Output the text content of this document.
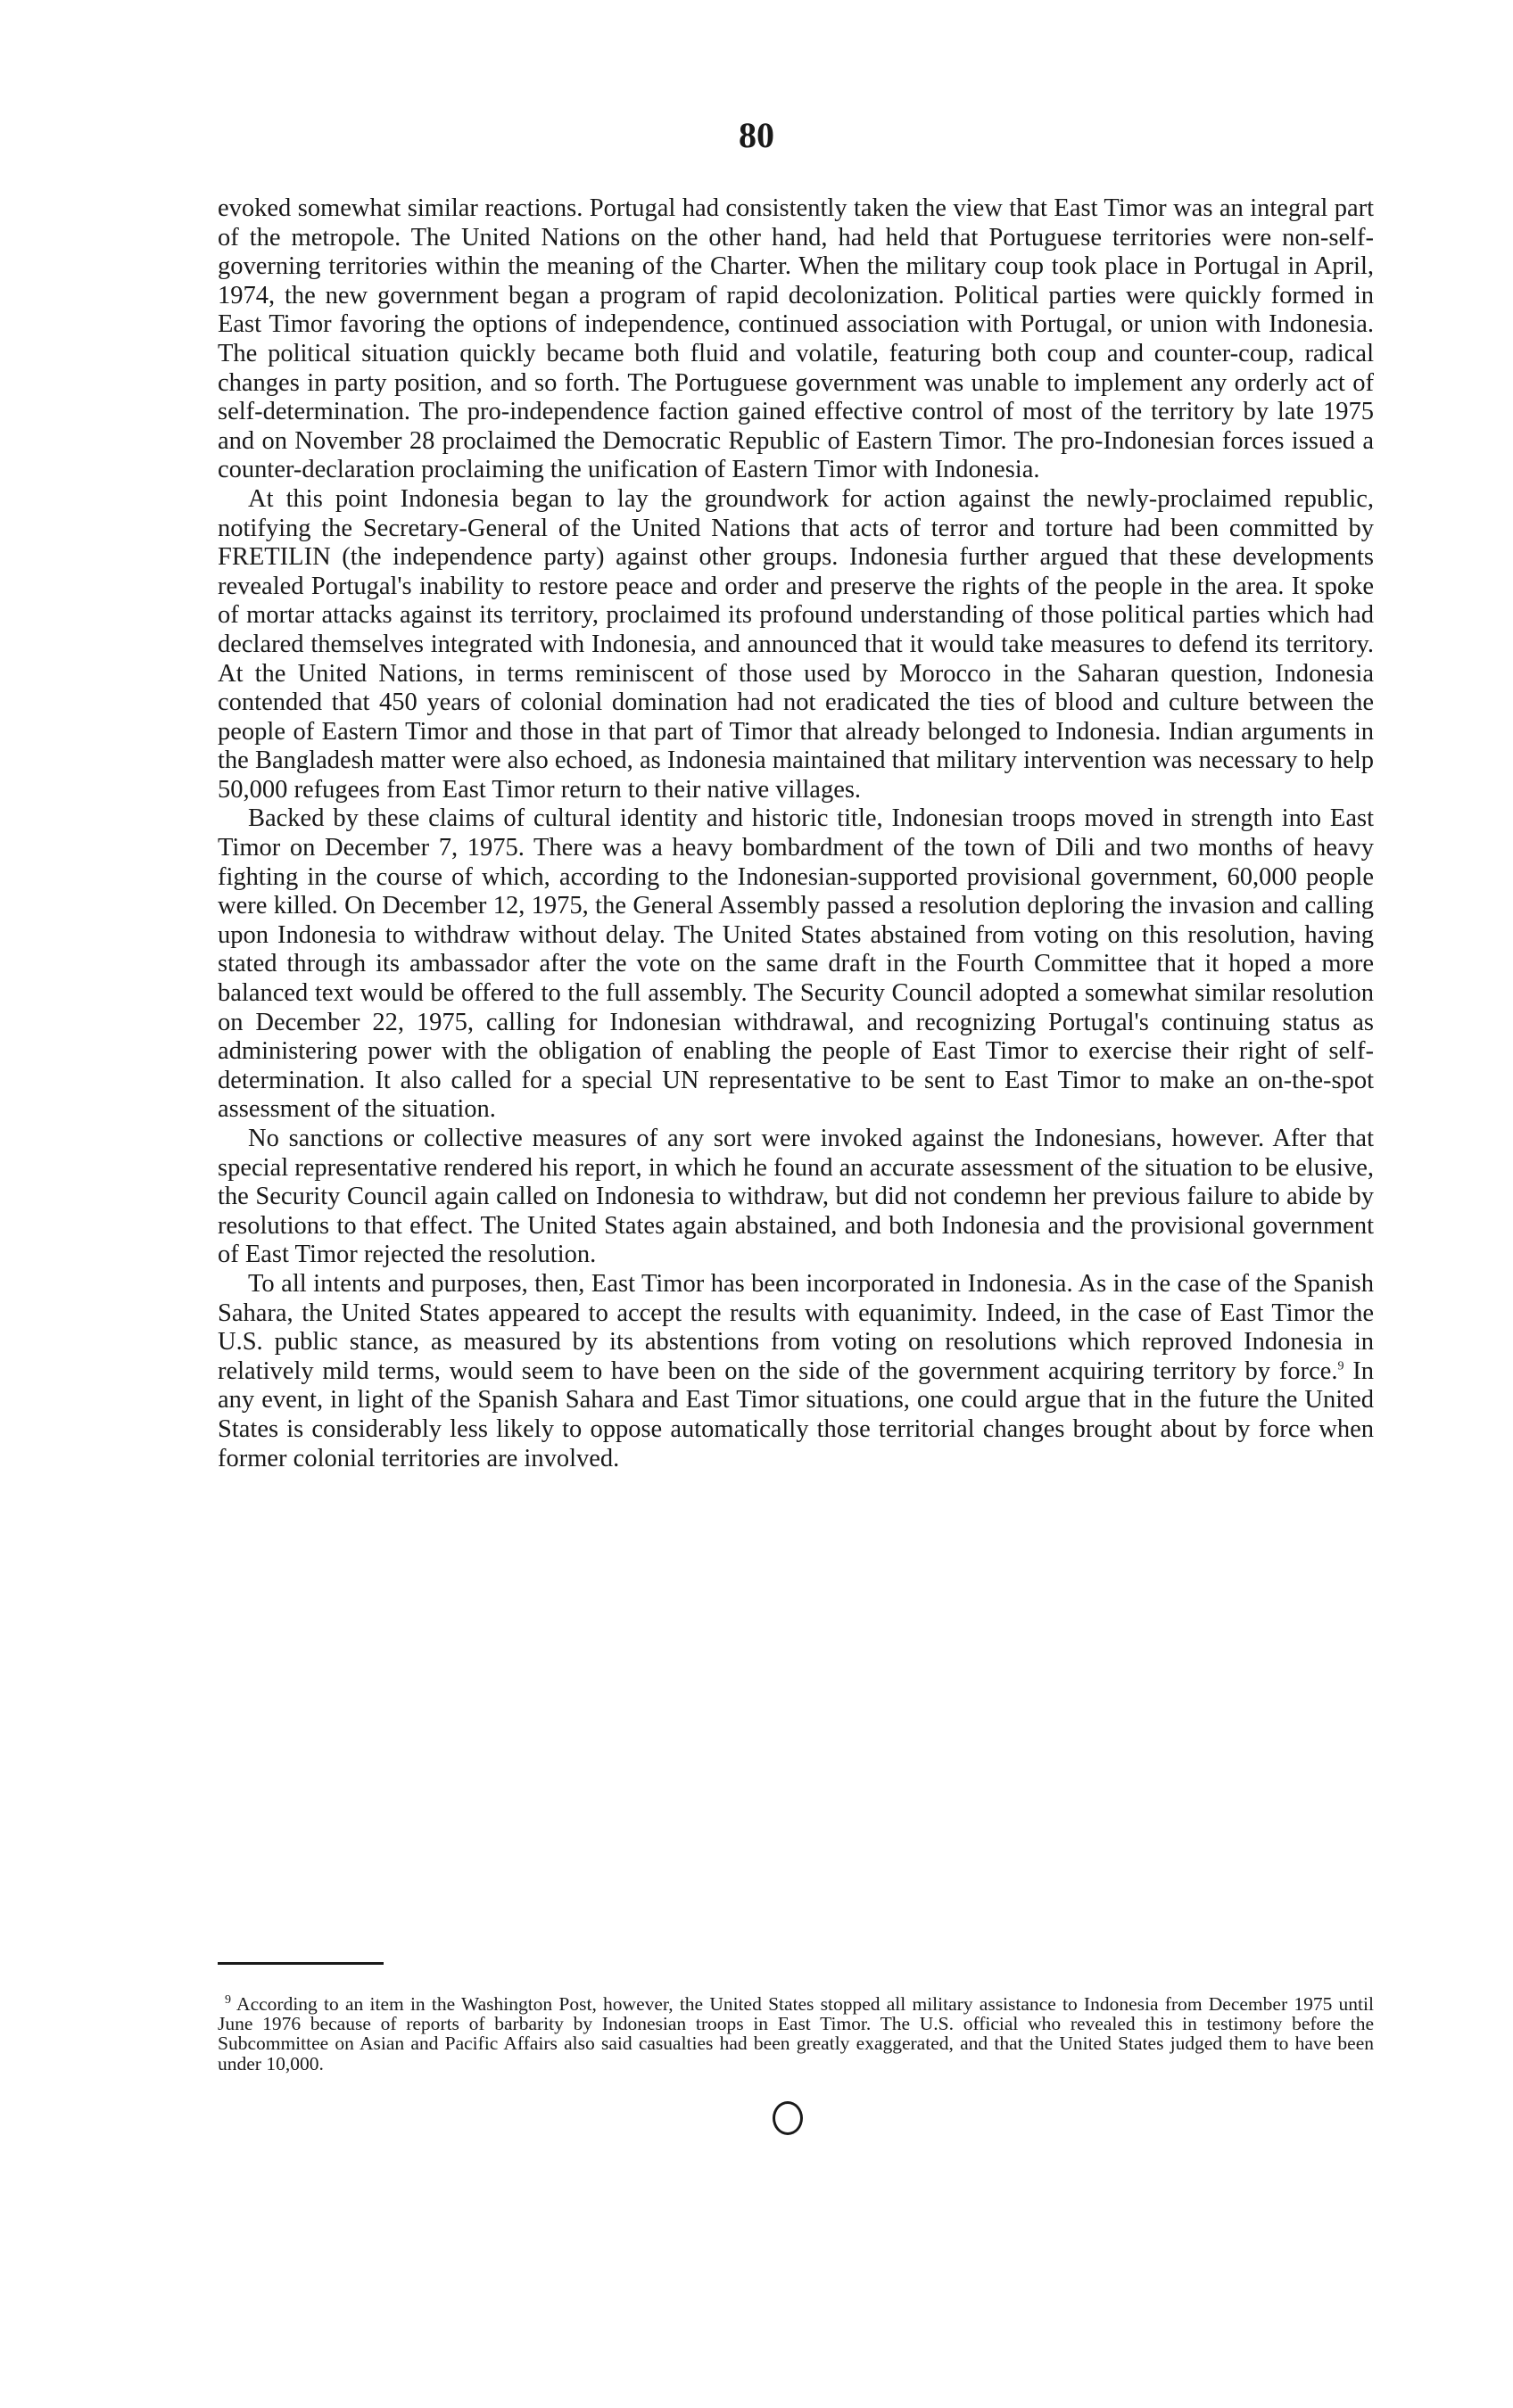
80

evoked somewhat similar reactions. Portugal had consistently taken the view that East Timor was an integral part of the metropole. The United Nations on the other hand, had held that Portuguese territories were non-self-governing territories within the meaning of the Charter. When the military coup took place in Portugal in April, 1974, the new government began a program of rapid decolonization. Political parties were quickly formed in East Timor favoring the options of independence, continued association with Portugal, or union with Indonesia. The political situation quickly became both fluid and volatile, featuring both coup and counter-coup, radical changes in party position, and so forth. The Portuguese government was unable to implement any orderly act of self-determination. The pro-independence faction gained effective control of most of the territory by late 1975 and on November 28 proclaimed the Democratic Republic of Eastern Timor. The pro-Indonesian forces issued a counter-declaration proclaiming the unification of Eastern Timor with Indonesia.

At this point Indonesia began to lay the groundwork for action against the newly-proclaimed republic, notifying the Secretary-General of the United Nations that acts of terror and torture had been committed by FRETILIN (the independence party) against other groups. Indonesia further argued that these developments revealed Portugal's inability to restore peace and order and preserve the rights of the people in the area. It spoke of mortar attacks against its territory, proclaimed its profound understanding of those political parties which had declared themselves integrated with Indonesia, and announced that it would take measures to defend its territory. At the United Nations, in terms reminiscent of those used by Morocco in the Saharan question, Indonesia contended that 450 years of colonial domination had not eradicated the ties of blood and culture between the people of Eastern Timor and those in that part of Timor that already belonged to Indonesia. Indian arguments in the Bangladesh matter were also echoed, as Indonesia maintained that military intervention was necessary to help 50,000 refugees from East Timor return to their native villages.

Backed by these claims of cultural identity and historic title, Indonesian troops moved in strength into East Timor on December 7, 1975. There was a heavy bombardment of the town of Dili and two months of heavy fighting in the course of which, according to the Indonesian-supported provisional government, 60,000 people were killed. On December 12, 1975, the General Assembly passed a resolution deploring the invasion and calling upon Indonesia to withdraw without delay. The United States abstained from voting on this resolution, having stated through its ambassador after the vote on the same draft in the Fourth Committee that it hoped a more balanced text would be offered to the full assembly. The Security Council adopted a somewhat similar resolution on December 22, 1975, calling for Indonesian withdrawal, and recognizing Portugal's continuing status as administering power with the obligation of enabling the people of East Timor to exercise their right of self-determination. It also called for a special UN representative to be sent to East Timor to make an on-the-spot assessment of the situation.

No sanctions or collective measures of any sort were invoked against the Indonesians, however. After that special representative rendered his report, in which he found an accurate assessment of the situation to be elusive, the Security Council again called on Indonesia to withdraw, but did not condemn her previous failure to abide by resolutions to that effect. The United States again abstained, and both Indonesia and the provisional government of East Timor rejected the resolution.

To all intents and purposes, then, East Timor has been incorporated in Indonesia. As in the case of the Spanish Sahara, the United States appeared to accept the results with equanimity. Indeed, in the case of East Timor the U.S. public stance, as measured by its abstentions from voting on resolutions which reproved Indonesia in relatively mild terms, would seem to have been on the side of the government acquiring territory by force.$^9$ In any event, in light of the Spanish Sahara and East Timor situations, one could argue that in the future the United States is considerably less likely to oppose automatically those territorial changes brought about by force when former colonial territories are involved.

$^9$ According to an item in the Washington Post, however, the United States stopped all military assistance to Indonesia from December 1975 until June 1976 because of reports of barbarity by Indonesian troops in East Timor. The U.S. official who revealed this in testimony before the Subcommittee on Asian and Pacific Affairs also said casualties had been greatly exaggerated, and that the United States judged them to have been under 10,000.
